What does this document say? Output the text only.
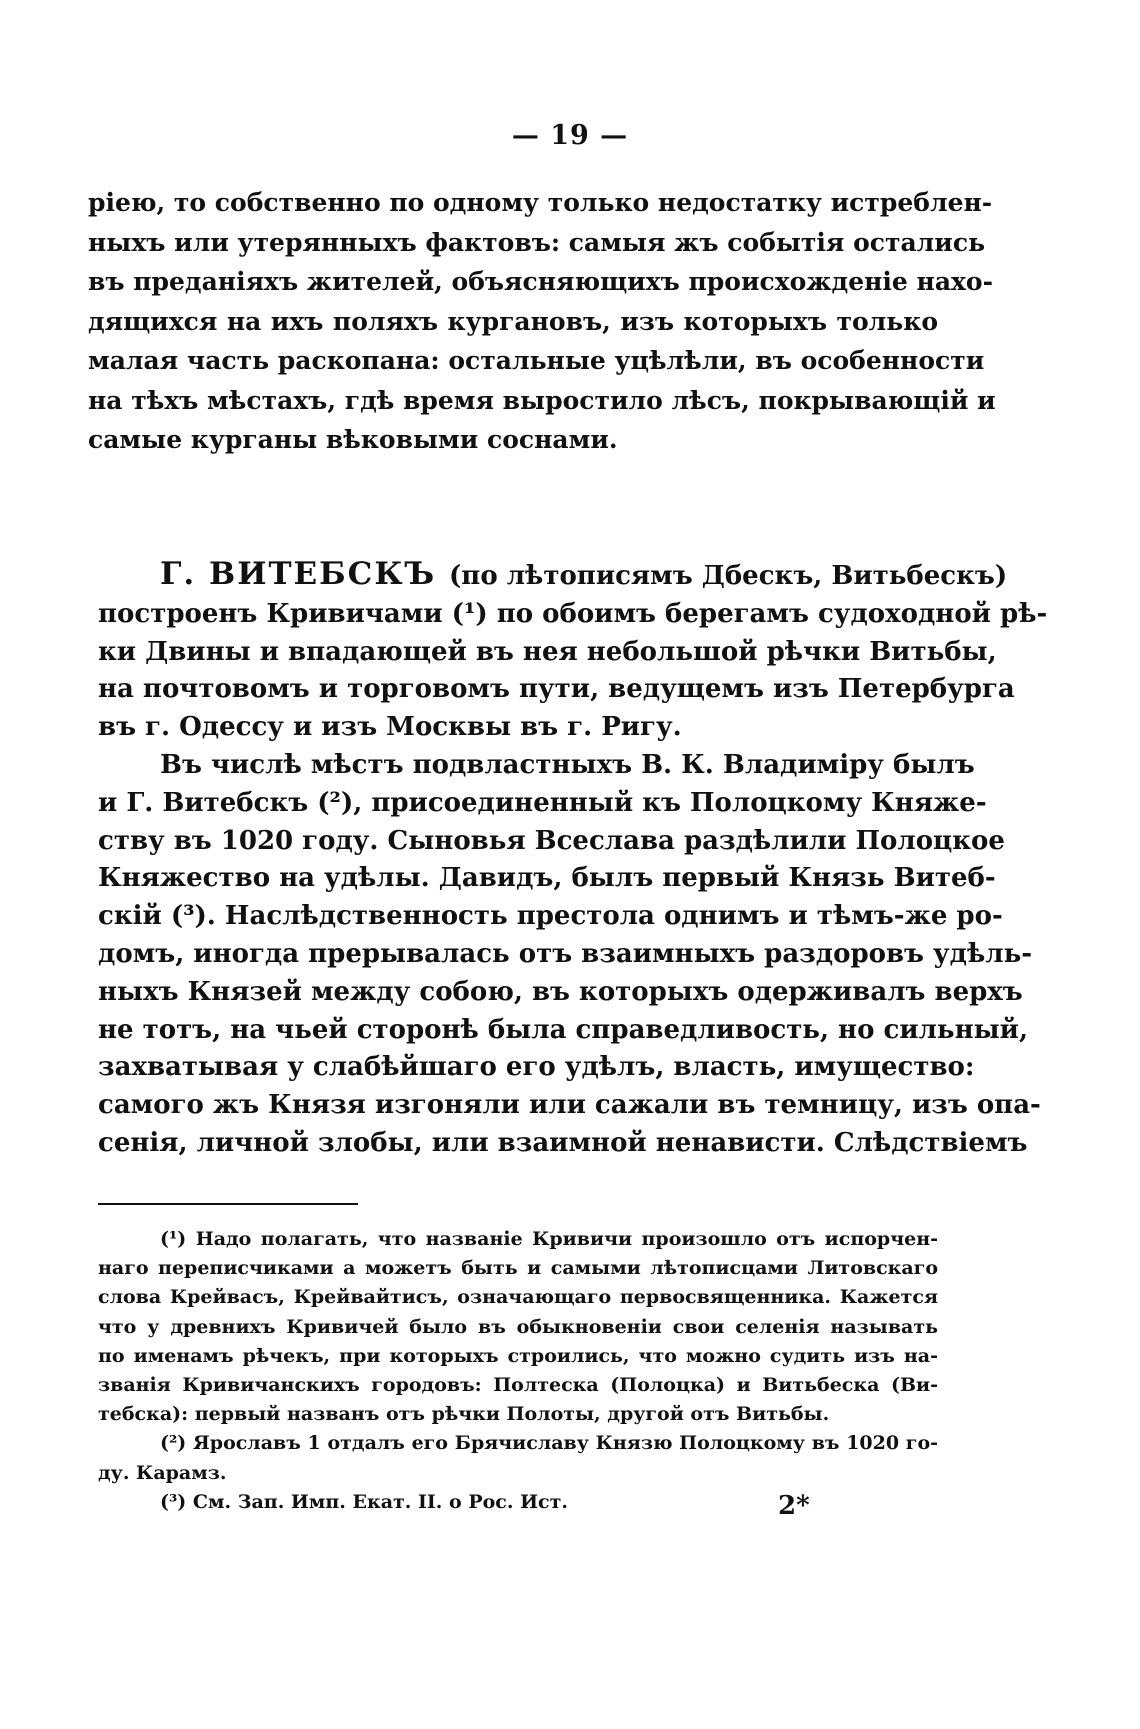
— 19 —
ріею, то собственно по одному только недостатку истреблен-
ныхъ или утерянныхъ фактовъ: самыя жъ событія остались
въ преданіяхъ жителей, объясняющихъ происхожденіе нахо-
дящихся на ихъ поляхъ кургановъ, изъ которыхъ только
малая часть раскопана: остальные уцѣлѣли, въ особенности
на тѣхъ мѣстахъ, гдѣ время выростило лѣсъ, покрывающій и
самые курганы вѣковыми соснами.
Г. ВИТЕБСКЪ (по лѣтописямъ Дбескъ, Витьбескъ)
построенъ Кривичами (¹) по обоимъ берегамъ судоходной рѣ-
ки Двины и впадающей въ нея небольшой рѣчки Витьбы,
на почтовомъ и торговомъ пути, ведущемъ изъ Петербурга
въ г. Одессу и изъ Москвы въ г. Ригу.
Въ числѣ мѣстъ подвластныхъ В. К. Владиміру былъ
и Г. Витебскъ (²), присоединенный къ Полоцкому Княже-
ству въ 1020 году. Сыновья Всеслава раздѣлили Полоцкое
Княжество на удѣлы. Давидъ, былъ первый Князь Витеб-
скій (³). Наслѣдственность престола однимъ и тѣмъ-же ро-
домъ, иногда прерывалась отъ взаимныхъ раздоровъ удѣль-
ныхъ Князей между собою, въ которыхъ одерживалъ верхъ
не тотъ, на чьей сторонѣ была справедливость, но сильный,
захватывая у слабѣйшаго его удѣлъ, власть, имущество:
самого жъ Князя изгоняли или сажали въ темницу, изъ опа-
сенія, личной злобы, или взаимной ненависти. Слѣдствіемъ
(¹) Надо полагать, что названіе Кривичи произошло отъ испорчен-
наго переписчиками а можетъ быть и самыми лѣтописцами Литовскаго
слова Крейвасъ, Крейвайтисъ, означающаго первосвященника. Кажется
что у древнихъ Кривичей было въ обыкновеніи свои селенія называть
по именамъ рѣчекъ, при которыхъ строились, что можно судить изъ на-
званія Кривичанскихъ городовъ: Полтеска (Полоцка) и Витьбеска (Ви-
тебска): первый названъ отъ рѣчки Полоты, другой отъ Витьбы.
(²) Ярославъ 1 отдалъ его Брячиславу Князю Полоцкому въ 1020 го-
ду. Карамз.
(³) См. Зап. Имп. Екат. II. о Рос. Ист.	2*
